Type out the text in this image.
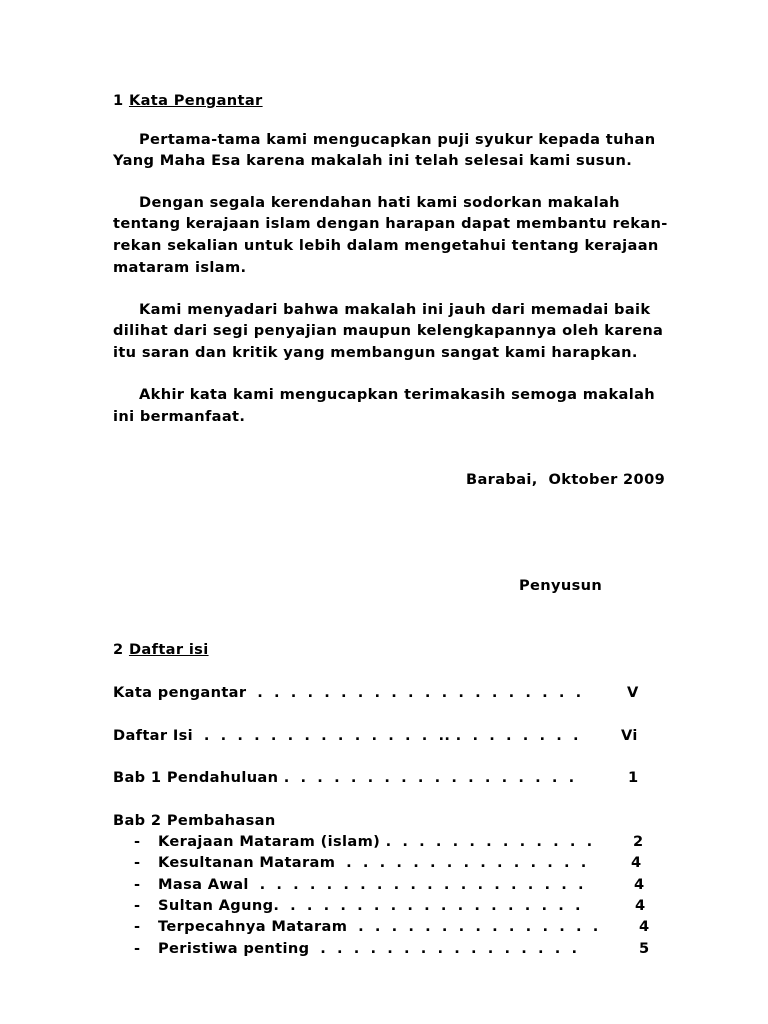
1 Kata Pengantar
Pertama-tama kami mengucapkan puji syukur kepada tuhan
Yang Maha Esa karena makalah ini telah selesai kami susun.
Dengan segala kerendahan hati kami sodorkan makalah
tentang kerajaan islam dengan harapan dapat membantu rekan-
rekan sekalian untuk lebih dalam mengetahui tentang kerajaan
mataram islam.
Kami menyadari bahwa makalah ini jauh dari memadai baik
dilihat dari segi penyajian maupun kelengkapannya oleh karena
itu saran dan kritik yang membangun sangat kami harapkan.
Akhir kata kami mengucapkan terimakasih semoga makalah
ini bermanfaat.
Barabai,  Oktober 2009
Penyusun
2 Daftar isi
Kata pengantar  .  .  .  .  .  .  .  .  .  .  .  .  .  .  .  .  .  .  .  .	V
Daftar Isi  .  .  .  .  .  .  .  .  .  .  .  .  .  .  .. .  .  .  .  .  .  .  .	Vi
Bab 1 Pendahuluan .  .  .  .  .  .  .  .  .  .  .  .  .  .  .  .  .  .	1
Bab 2 Pembahasan
- Kerajaan Mataram (islam) .  .  .  .  .  .  .  .  .  .  .  .  .	2
- Kesultanan Mataram  .  .  .  .  .  .  .  .  .  .  .  .  .  .  .	4
- Masa Awal  .  .  .  .  .  .  .  .  .  .  .  .  .  .  .  .  .  .  .  .	4
- Sultan Agung.  .  .  .  .  .  .  .  .  .  .  .  .  .  .  .  .  .  .	4
- Terpecahnya Mataram  .  .  .  .  .  .  .  .  .  .  .  .  .  .  .	4
- Peristiwa penting  .  .  .  .  .  .  .  .  .  .  .  .  .  .  .  .	5
